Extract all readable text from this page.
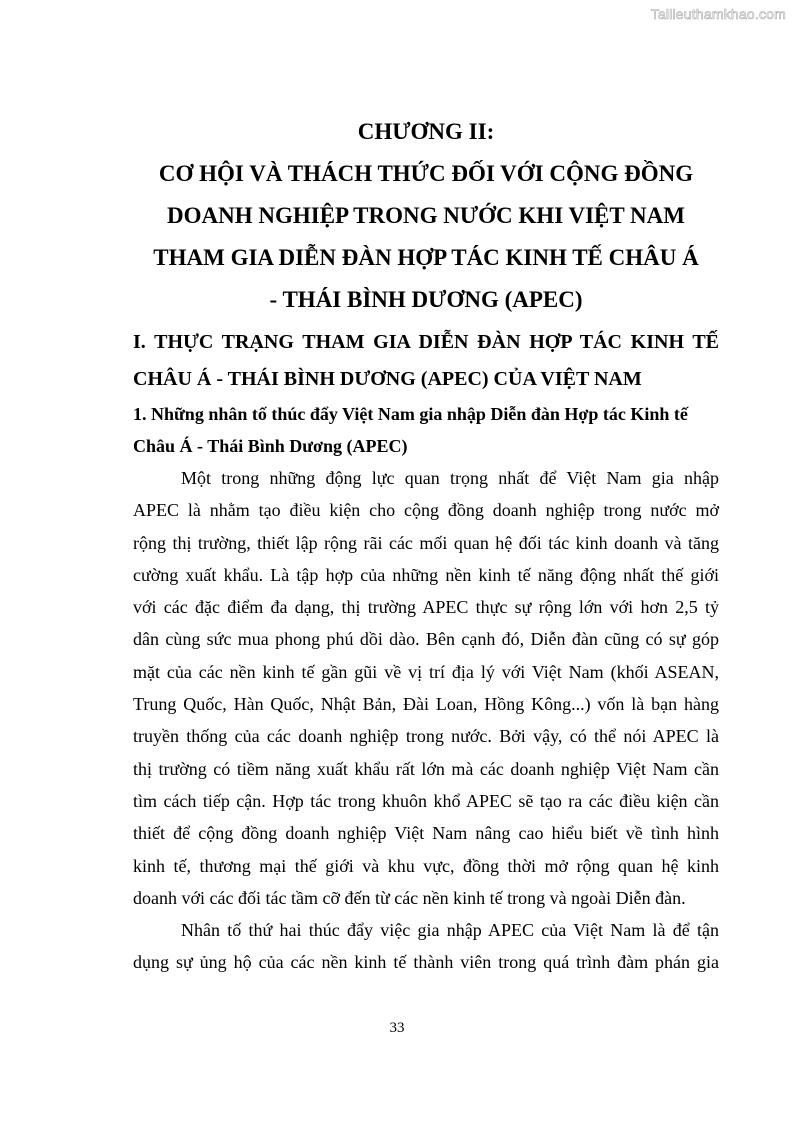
Tailieuthamkhao.com
CHƯƠNG II:
CƠ HỘI VÀ THÁCH THỨC ĐỐI VỚI CỘNG ĐỒNG
DOANH NGHIỆP TRONG NƯỚC KHI VIỆT NAM
THAM GIA DIỄN ĐÀN HỢP TÁC KINH TẾ CHÂU Á
- THÁI BÌNH DƯƠNG (APEC)
I. THỰC TRẠNG THAM GIA DIỄN ĐÀN HỢP TÁC KINH TẾ
CHÂU Á - THÁI BÌNH DƯƠNG (APEC) CỦA VIỆT NAM
1. Những nhân tố thúc đẩy Việt Nam gia nhập Diễn đàn Hợp tác Kinh tế
Châu Á - Thái Bình Dương (APEC)
Một trong những động lực quan trọng nhất để Việt Nam gia nhập
APEC là nhằm tạo điều kiện cho cộng đồng doanh nghiệp trong nước mở
rộng thị trường, thiết lập rộng rãi các mối quan hệ đối tác kinh doanh và tăng
cường xuất khẩu. Là tập hợp của những nền kinh tế năng động nhất thế giới
với các đặc điểm đa dạng, thị trường APEC thực sự rộng lớn với hơn 2,5 tỷ
dân cùng sức mua phong phú dồi dào. Bên cạnh đó, Diễn đàn cũng có sự góp
mặt của các nền kinh tế gần gũi về vị trí địa lý với Việt Nam (khối ASEAN,
Trung Quốc, Hàn Quốc, Nhật Bản, Đài Loan, Hồng Kông...) vốn là bạn hàng
truyền thống của các doanh nghiệp trong nước. Bởi vậy, có thể nói APEC là
thị trường có tiềm năng xuất khẩu rất lớn mà các doanh nghiệp Việt Nam cần
tìm cách tiếp cận. Hợp tác trong khuôn khổ APEC sẽ tạo ra các điều kiện cần
thiết để cộng đồng doanh nghiệp Việt Nam nâng cao hiểu biết về tình hình
kinh tế, thương mại thế giới và khu vực, đồng thời mở rộng quan hệ kinh
doanh với các đối tác tầm cỡ đến từ các nền kinh tế trong và ngoài Diễn đàn.
Nhân tố thứ hai thúc đẩy việc gia nhập APEC của Việt Nam là để tận
dụng sự ủng hộ của các nền kinh tế thành viên trong quá trình đàm phán gia
33
